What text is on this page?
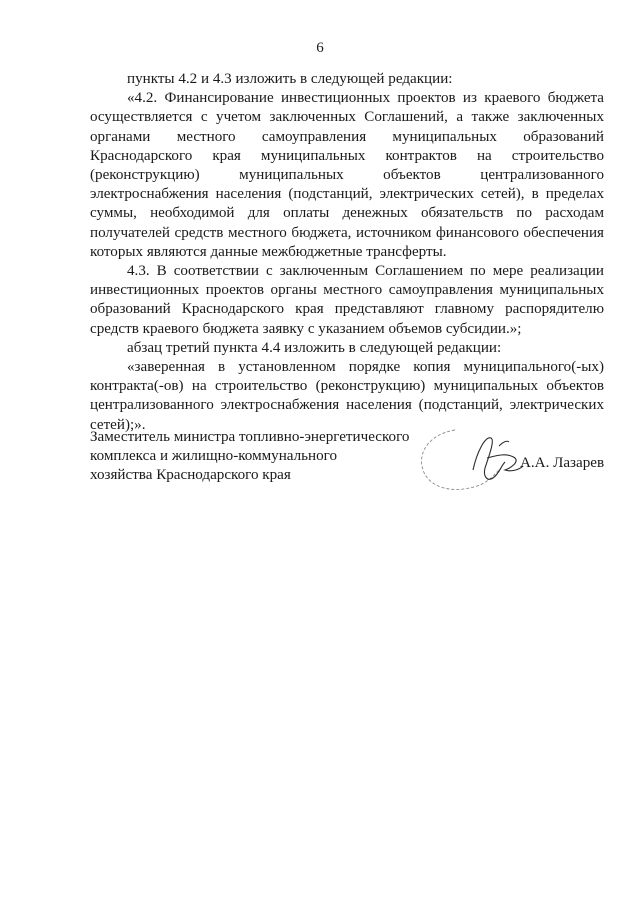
6

пункты 4.2 и 4.3 изложить в следующей редакции:

«4.2. Финансирование инвестиционных проектов из краевого бюджета осуществляется с учетом заключенных Соглашений, а также заключенных органами местного самоуправления муниципальных образований Краснодарского края муниципальных контрактов на строительство (реконструкцию) муниципальных объектов централизованного электроснабжения населения (подстанций, электрических сетей), в пределах суммы, необходимой для оплаты денежных обязательств по расходам получателей средств местного бюджета, источником финансового обеспечения которых являются данные межбюджетные трансферты.

4.3. В соответствии с заключенным Соглашением по мере реализации инвестиционных проектов органы местного самоуправления муниципальных образований Краснодарского края представляют главному распорядителю средств краевого бюджета заявку с указанием объемов субсидии.»;

абзац третий пункта 4.4 изложить в следующей редакции:

«заверенная в установленном порядке копия муниципального(-ых) контракта(-ов) на строительство (реконструкцию) муниципальных объектов централизованного электроснабжения населения (подстанций, электрических сетей);».

Заместитель министра топливно-энергетического
комплекса и жилищно-коммунального
хозяйства Краснодарского края
А.А. Лазарев
